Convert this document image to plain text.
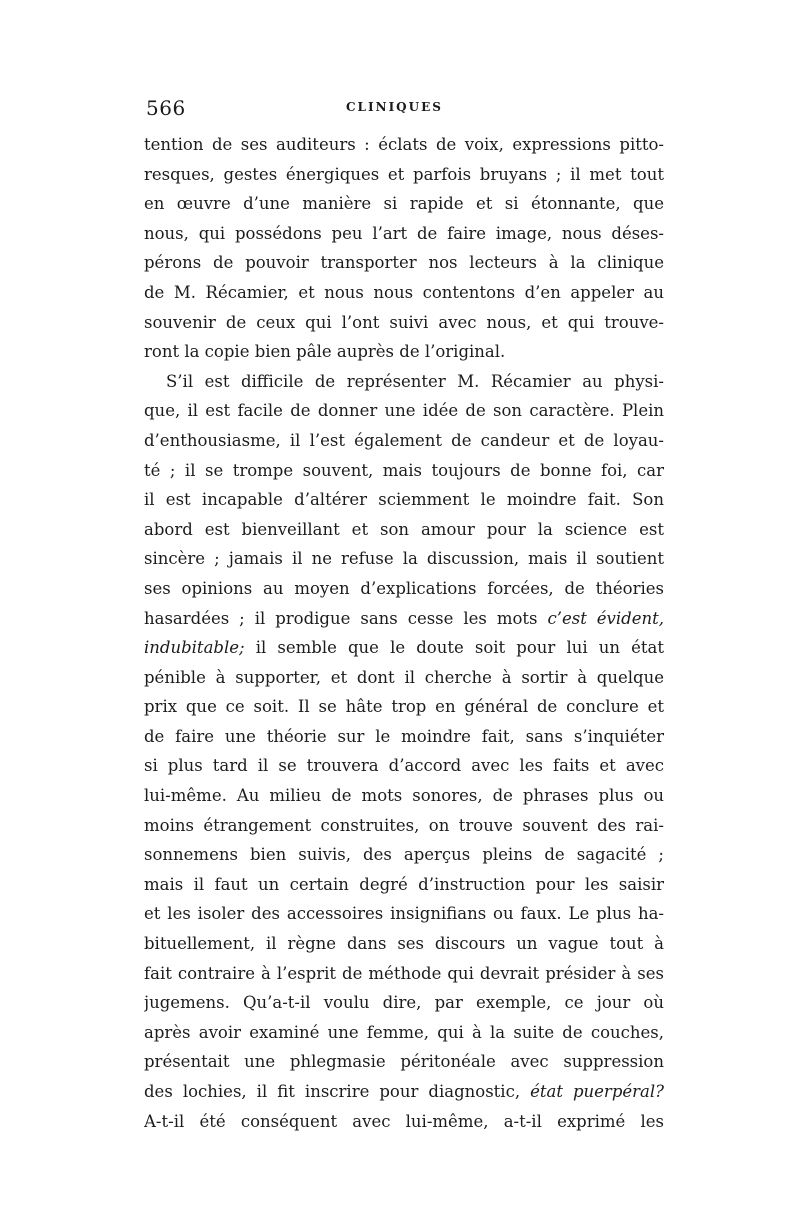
566	CLINIQUES
tention de ses auditeurs : éclats de voix, expressions pitto-
resques, gestes énergiques et parfois bruyans ; il met tout
en œuvre d’une manière si rapide et si étonnante, que
nous, qui possédons peu l’art de faire image, nous déses-
pérons de pouvoir transporter nos lecteurs à la clinique
de M. Récamier, et nous nous contentons d’en appeler au
souvenir de ceux qui l’ont suivi avec nous, et qui trouve-
ront la copie bien pâle auprès de l’original.
S’il est difficile de représenter M. Récamier au physi-
que, il est facile de donner une idée de son caractère. Plein
d’enthousiasme, il l’est également de candeur et de loyau-
té ; il se trompe souvent, mais toujours de bonne foi, car
il est incapable d’altérer sciemment le moindre fait. Son
abord est bienveillant et son amour pour la science est
sincère ; jamais il ne refuse la discussion, mais il soutient
ses opinions au moyen d’explications forcées, de théories
hasardées ; il prodigue sans cesse les mots c’est évident,
indubitable; il semble que le doute soit pour lui un état
pénible à supporter, et dont il cherche à sortir à quelque
prix que ce soit. Il se hâte trop en général de conclure et
de faire une théorie sur le moindre fait, sans s’inquiéter
si plus tard il se trouvera d’accord avec les faits et avec
lui-même. Au milieu de mots sonores, de phrases plus ou
moins étrangement construites, on trouve souvent des rai-
sonnemens bien suivis, des aperçus pleins de sagacité ;
mais il faut un certain degré d’instruction pour les saisir
et les isoler des accessoires insignifians ou faux. Le plus ha-
bituellement, il règne dans ses discours un vague tout à
fait contraire à l’esprit de méthode qui devrait présider à ses
jugemens. Qu’a-t-il voulu dire, par exemple, ce jour où
après avoir examiné une femme, qui à la suite de couches,
présentait une phlegmasie péritonéale avec suppression
des lochies, il fit inscrire pour diagnostic, état puerpéral?
A-t-il été conséquent avec lui-même, a-t-il exprimé les
